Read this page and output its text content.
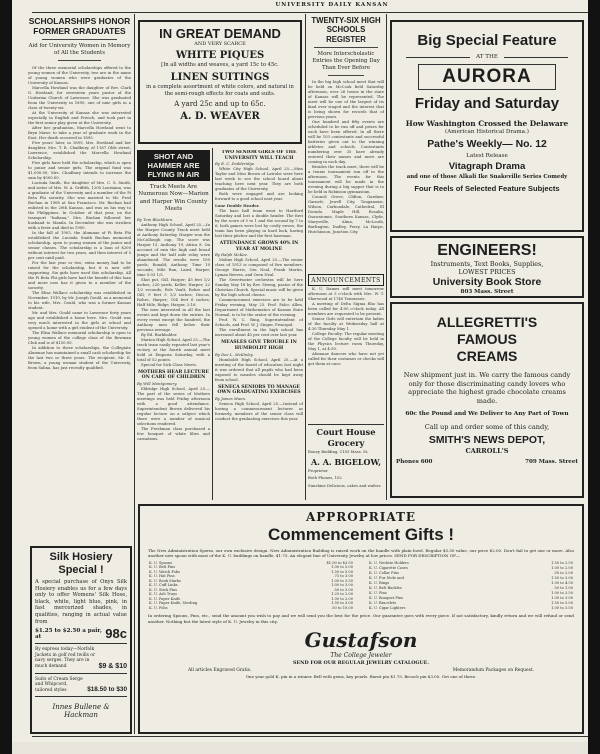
UNIVERSITY DAILY KANSAN
SCHOLARSHIPS HONOR FORMER GRADUATES
Aid for University Women in Memory of All the Students

Of the three memorial scholarships offered to the young women of the University, two are in the name of young women who were graduates of the University of Kansas.

Marcella Howland was the daughter of Rev. Clark G. Howland, for seventeen years pastor of the Unitarian Church of Lawrence. She was graduated from the University in 1890, one of nine girls in a class of twenty-six.

At the University of Kansas she was interested especially in English and French, and took part in the first senior play given at the University.

After her graduation, Marcella Howland went to Bryn Mawr, to take a year of graduate work in the East. Her death occurred in 1895.

Five years' later, in 1899, Mrs. Howland and her daughter, Mrs. T. R. Chadbury, of 1187 Olds street, Lawrence, established the Marcella Howland Scholarship.

Five girls have held the scholarship, which is open to junior and senior girls. The original fund was $1,000.00; Mrs. Chadbury intends to increase the sum by $500.00.

Lucinda Smith, the daughter of Mrs. C. S. Smith, and sister of Mrs. W. A. Griffith, 1200 Louisiana, was a graduate of the University and a member of the Pi Beta Phi sorority. She was married to Mr. Fred Buchan in 1908 at San Francisco. Mr. Buchan had enlisted in the 20th Kansas, and was on his way to the Philippines. In October of that year, on the transport "Indiana," Mrs. Buchan followed her husband to Manila. In December she was stricken with a fever and died in 1900.

In the fall of 1903, the Alumnae of Pi Beta Phi established the Lucinda Smith Buchan memorial scholarship, open to young women of the junior and senior classes. The scholarship is a loan of $200 without interest for two years, and then interest of 5 per cent until paid.

For the last year or two, extra money had to be raised for the scholarship, but it is now self-supporting. Six girls have used this scholarship. All the Pi Beta Phi girls have had the benefit of this loan and more now has it given to a member of the sorority.

The Elisa Wallace scholarship was established in November, 1910, by Mr. Joseph Gould, as a memorial to his wife, Mrs. Gould, who was a former Kansas student.

Mr. and Mrs. Gould came to Lawrence forty years ago and established a home here. Mrs. Gould was very much interested in the girls at school and opened a home with a girl student of the University.

The Elisa Wallace memorial scholarship is open to young women of the college class of the Bowman Club and is of $150.00.

In addition to these scholarships, the Collegiate Alumnae has maintained a small cash scholarship for the last two or three years. The recipient, Mr. E. Brown, a young woman student of the University, from Salina, has just recently qualified.

Silk Hosiery Special !
A special purchase of Onyx Silk Hosiery enables us for a few days only to offer Womens' Silk Hose, black, white, light blue, pink, in fast mercerized shades, in qualities, ranging in actual value from
$1.25 to $2.50 a pair, at	98c
By express today—Norfolk Jackets in golf red twills or navy serges. They are in much demand	$9 & $10
Suits of Cream Serge and Whipcord, tailored styles	$18.50 to $30
Innes Bullene & Hackman
IN GREAT DEMAND
AND VERY SCARCE
WHITE PIQUES
[In all widths and weaves, a yard 15c to 45c.
LINEN SUITINGS
in a complete assortment of white colors, and natural in the semi-rough effects for coats and suits.
A yard 25c and up to 65c.
A. D. WEAVER
SHOT AND HAMMER ARE FLYING IN AIR
Track Meets Are Numerous Now—Marion and Harper Win County Meets
By Tom Blackburn.

Anthony High School, April 25.—In the Harper County Track meet held at Anthony Saturday, Harper won the McCullough cup. The score was Harper 15, Anthony 19, Attica 8. On account of rain the high and broad jumps and the half mile relay were abandoned. The results were 100 yards, Ronald; Anthony; Time 10 seconds; Mile Run, Laird, Harper, time 5:03 1/5.

Shot put, Gill, Harper; 45 feet 1/2 inches; 220 yards, Keller, Harper; 22 1/2 seconds; Pole Vault, Rohre and Gill; 9 feet 5 1/2 inches; Discus, Rohre, Harper; 104 feet 6 inches; Half Mile, Ridge, Harper, 2:16.

The men interested in all the last events and kept down the entries. In every event except the hundred, the Anthony men fell below their previous average.

By Ed. Burkholder.

Marion High School, April 25.—The track team easily repeated last year's victory at the fourth annual meet held at Emporia Saturday, with a total of 52 points.

Special for Sick Class Meets.

MOTHERS HEAR LECTURE ON CARE OF CHILDREN
By Will Montgomery.

Eldridge High School, April 25.—The part of the series of Mothers meetings was held Friday afternoon with a good attendance. Superintendent Brown delivered his regular lecture on a subject which there were a number of musical selections rendered.

The Freshman class purchased a few bouquet of white lilies and carnations.

TWO SENIOR GIRLS OF THE UNIVERSITY WILL TEACH
By E. C. Dodderidge.

White City High School, April 25.—Miss Taylor and Miss Brown of Latrobe were here last week to see the school board about teaching here next year. They are both graduates of the University.

Both were engaged and are looking forward to a good school next year.

Lone Double Header.

The base ball team went to Hartford Saturday and lost a double header. The first by the score of 5 to 1 and the second by 7 to 6; both games were lost by costly errors, the team has been playing in hard luck, having lost their pitcher and the first baseman.

ATTENDANCE GROWS 40% IN YEAR AT MOLINE
By Ralph McKee.

Moline High School, April 25.—The senior class of 1913 is composed of five members: George Harris, Ora Neal, Frank Martin, Lyman Reeves, and Oren Neal.

The Sweetwater orchestra will be here Sunday May 18 by Rev. Streng, pastor of the Christian Church. Special music will be given by the high school chorus.

Commencement exercises are to be held Friday evening, May 23. Prof. Falco Allen, Department of Mathematics of Kansas State Normal, is to be the orator of the evening.

Prof. W. C. Ring, Superintendent of Schools, and Prof. W. J. Singer, Principal.

The enrollment in the high school has increased about 40 per cent over last year.

MEASLES GIVE TROUBLE IN HUMBOLDT HIGH
By Dee L. McKinley.

Humboldt High School, April 25.—At a meeting of the board of education last night it was ordered that all pupils who had been exposed to measles should be kept away from school.

SENECA SENIORS TO MANAGE OWN GRADUATING EXERCISES
By James Mann.

Seneca High School, April 25.—Instead of having a commencement lecturer as formerly, members of the senior class will conduct the graduating exercises this year.

TWENTY-SIX HIGH SCHOOLS REGISTER
More Interscholastic Entries the Opening Day Than Ever Before

In the big high school meet that will be held on McCook field Saturday afternoon, over 26 towns in the state of Kansas will be represented. The meet will be one of the largest of its kind ever staged and the interest that is being shown for records that of previous years.

One hundred and fifty events are scheduled to be run off and prizes for each have been offered. In all there will be 103 contestants and successful batteries given out to the winning athletes and schools. Contestants numbering over 35 have already entered their names and more are coming in each day.

Besides the track meet, there will be a tennis tournament run off in the afternoon. The events for this tournament will be made in the evening during a big supper that is to be held in Robinson gymnasium.

Council Grove, Clifton, Gardner, Garnett, Jewell City, Tonganoxie, Wilson, Carbondale, Cathedral, El Dorado, Maple Hill, Rosalia, Osawatomie, Southern Kansas, Clyde, Marysville, Alma, McLouth, Burlington, Dudley, Ferry, La Harpe, Hutchinson, Junction City.

ANNOUNCEMENTS

K. U. Dames will meet tomorrow afternoon at 3 o'clock with Mrs. W. T. Sherwood at 1740 Tennessee.

A meeting of Delta Sigma Rho has been called for 4:00 o'clock today. All members are requested to be present.

Senior Girls will entertain the ladies of the faculty at Wednesday hall at 4:30 Thursday May 1.

College Faculty: The regular meeting of the College faculty will be held in the Physics lecture room Thursday, May 1, at 4:30.

Alumnae dancers who have not yet called for their costumes or checks will get them at once.

Court House Grocery
Roney Building, 1103 Mass. St.
A. A. BIGELOW,
Proprietor
Both Phones, 102
Sunshine Delicious, cakes and wafers
Big Special Feature
AT THE
AURORA
Friday and Saturday
How Washington Crossed the Delaware
(American Historical Drama.)
Pathe's Weekly— No. 12
Latest Release
Vitagraph Drama
and one of those Alkali Ike Snakeville Series Comedy
Four Reels of Selected Feature Subjects
ENGINEERS!
Instruments, Text Books, Supplies,
LOWEST PRICES
University Book Store
803 Mass. Street
ALLEGRETTI'S
FAMOUS
CREAMS
New shipment just in. We carry the famous candy only for those discriminating candy lovers who appreciate the highest grade chocolate creams made.
60c the Pound and We Deliver to Any Part of Town
Call up and order some of this candy,
SMITH'S NEWS DEPOT,
CARROLL'S
Phones 600	709 Mass. Street
APPROPRIATE
Commencement Gifts !
The New Administration Sperm, our own exclusive design. New Administration Building is raised work on the handle with plain bowl. Regular $3.50 value, our price $2.00. Don't fail to get one or more. Also another new spoon with most of the K. U. buildings on handle, $1.75. An elegant line of University Jewelry at low prices. SEND FOR DESCRIPTION OF—
K. U. Spoons	$1.00 to $3.50
K. U. Belt Pins	1.00 to 5.00
K. U. Watch Fobs	1.50 to 5.00
K. U. Hat Pins	.75 to 3.00
K. U. Book Marks	1.00 to 3.50
K. U. Cuff Links	1.00 to 3.00
K. U. Stick Pins	.50 to 3.00
K. U. Ash Trays	1.25 to 2.00
K. U. Paper Knife	1.00 to 2.00
K. U. Paper Knife, Sterling	1.50 to 3.00
K. U. Fobs	.50 to 10.00
K. U. Necktie Holders	1.50 to 2.50
K. U. Cigarette Cases	1.00 to 2.00
K. U. Collar Pins	.50 to 2.00
K. U. Fur Stole and	1.50 to 3.00
K. U. Rings	1.00 to 4.50
K. U. Belt Buckles	.50 to 1.00
K. U. Pins	1.00 to 3.50
K. U. Bouquet Pins	1.00 to 3.00
K. U. Bracelets	1.50 to 5.00
K. U. Cigar Lighters	1.00 to 3.50
In ordering Spoons, Pins, etc., send the amount you wish to pay and we will send you the best for the price. Our guarantee goes with every piece. If not satisfactory, kindly return and we will refund or send another. Nothing but the latest style of K. U. Jewelry in this city.
Gustafson
The College Jeweler
SEND FOR OUR REGULAR JEWELRY CATALOGUE.
All articles Engraved Gratis.	Memorandum Packages on Request.
One year gold K. pin in a winner. Bell with gems, key pearls. Burnt pin $1.75, Brooch pin $3.00. Get one of these.
